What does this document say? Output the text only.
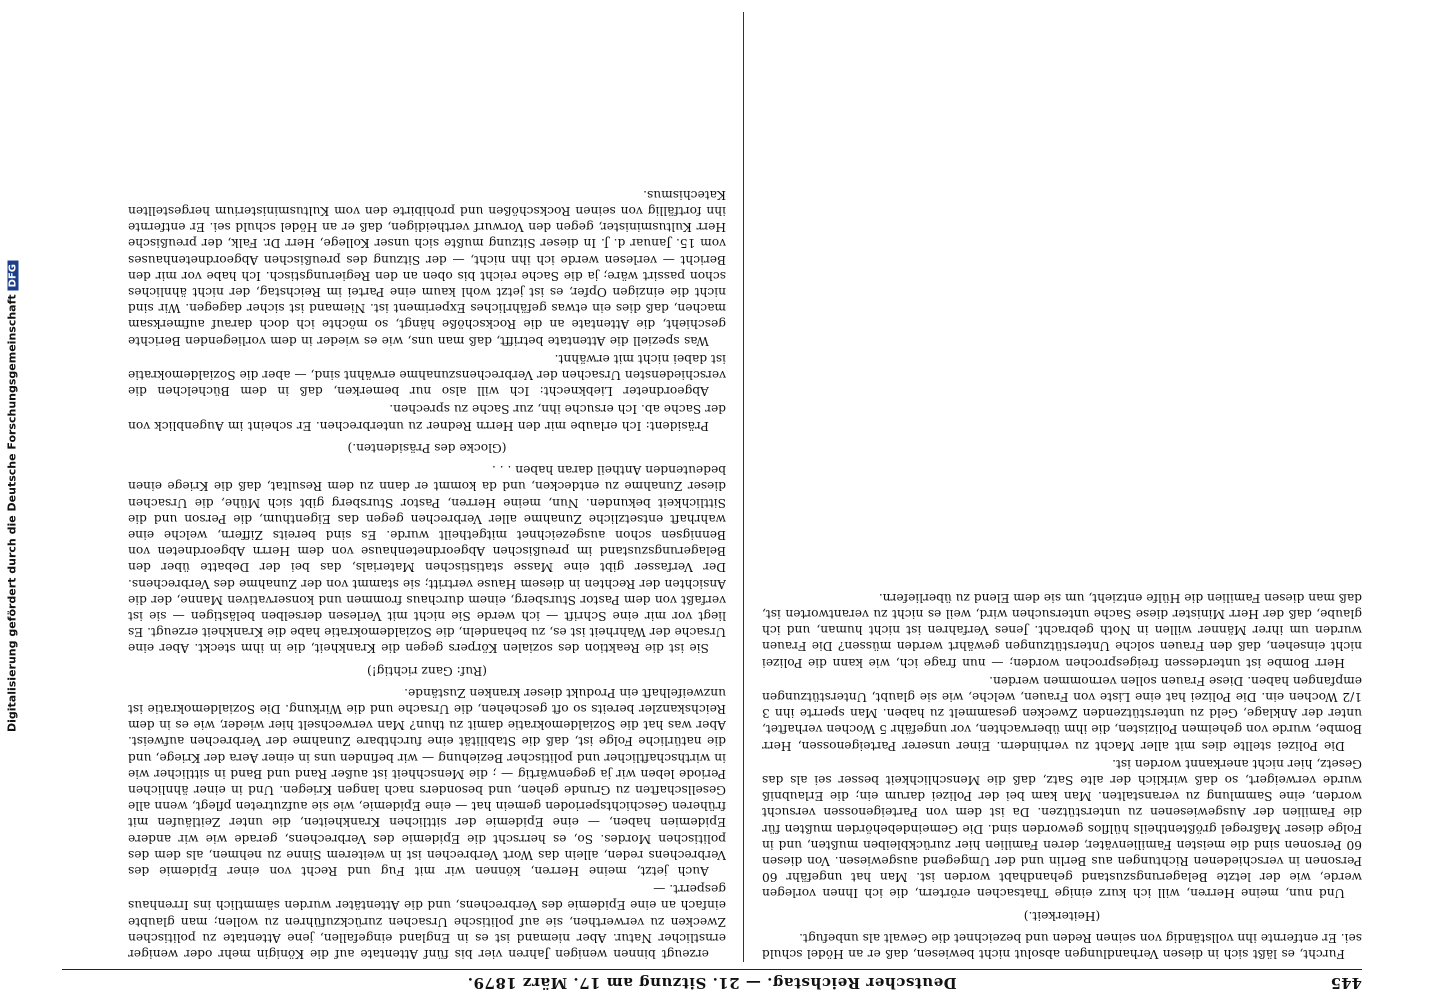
Digitalisierung gefördert durch die Deutsche ForschungsgemeinschaftDFG
445
Deutscher Reichstag. — 21. Sitzung am 17. März 1879.

Furcht, es läßt sich in diesen Verhandlungen absolut nicht bewiesen, daß er an Hödel schuld sei. Er entfernte ihn vollständig von seinen Reden und bezeichnet die Gewalt als unbefugt.

(Heiterkeit.)

Und nun, meine Herren, will ich kurz einige Thatsachen erörtern, die ich Ihnen vorlegen werde, wie der letzte Belagerungszustand gehandhabt worden ist. Man hat ungefähr 60 Personen in verschiedenen Richtungen aus Berlin und der Umgegend ausgewiesen. Von diesen 60 Personen sind die meisten Familienväter, deren Familien hier zurückbleiben mußten, und in Folge dieser Maßregel größtentheils hülflos geworden sind. Die Gemeindebehörden mußten für die Familien der Ausgewiesenen zu unterstützen. Da ist dem von Parteigenossen versucht worden, eine Sammlung zu veranstalten. Man kam bei der Polizei darum ein; die Erlaubniß wurde verweigert, so daß wirklich der alte Satz, daß die Menschlichkeit besser sei als das Gesetz, hier nicht anerkannt worden ist.

Die Polizei stellte dies mit aller Macht zu verhindern. Einer unserer Parteigenossen, Herr Bombe, wurde von geheimen Polizisten, die ihm überwachten, vor ungefähr 5 Wochen verhaftet, unter der Anklage, Geld zu unterstützenden Zwecken gesammelt zu haben. Man sperrte ihn 3 1/2 Wochen ein. Die Polizei hat eine Liste von Frauen, welche, wie sie glaubt, Unterstützungen empfangen haben. Diese Frauen sollen vernommen werden.

Herr Bombe ist unterdessen freigesprochen worden; — nun frage ich, wie kann die Polizei nicht einsehen, daß den Frauen solche Unterstützungen gewährt werden müssen? Die Frauen wurden um ihrer Männer willen in Noth gebracht. Jenes Verfahren ist nicht human, und ich glaube, daß der Herr Minister diese Sache untersuchen wird, weil es nicht zu verantworten ist, daß man diesen Familien die Hülfe entzieht, um sie dem Elend zu überliefern.

erzeugt binnen wenigen Jahren vier bis fünf Attentate auf die Königin mehr oder weniger ernstlicher Natur. Aber niemand ist es in England eingefallen, jene Attentate zu politischen Zwecken zu verwerthen, sie auf politische Ursachen zurückzuführen zu wollen; man glaubte einfach an eine Epidemie des Verbrechens, und die Attentäter wurden sämmtlich ins Irrenhaus gesperrt. —

Auch jetzt, meine Herren, können wir mit Fug und Recht von einer Epidemie des Verbrechens reden, allein das Wort Verbrechen ist in weiterem Sinne zu nehmen, als dem des politischen Mordes. So, es herrscht die Epidemie des Verbrechens, gerade wie wir andere Epidemien haben, — eine Epidemie der sittlichen Krankheiten, die unter Zeitläufen mit früheren Geschichtsperioden gemein hat — eine Epidemie, wie sie aufzutreten pflegt, wenn alle Gesellschaften zu Grunde gehen, und besonders nach langen Kriegen. Und in einer ähnlichen Periode leben wir ja gegenwärtig — ; die Menschheit ist außer Rand und Band in sittlicher wie in wirthschaftlicher und politischer Beziehung — wir befinden uns in einer Aera der Kriege, und die natürliche Folge ist, daß die Stabilität eine furchtbare Zunahme der Verbrechen aufweist. Aber was hat die Sozialdemokratie damit zu thun? Man verwechselt hier wieder, wie es in dem Reichskanzler bereits so oft geschehen, die Ursache und die Wirkung. Die Sozialdemokratie ist unzweifelhaft ein Produkt dieser kranken Zustände.

(Ruf: Ganz richtig!)

Sie ist die Reaktion des sozialen Körpers gegen die Krankheit, die in ihm steckt. Aber eine Ursache der Wahrheit ist es, zu behandeln, die Sozialdemokratie habe die Krankheit erzeugt. Es liegt vor mir eine Schrift — ich werde Sie nicht mit Verlesen derselben belästigen — sie ist verfaßt von dem Pastor Stursberg, einem durchaus frommen und konservativen Manne, der die Ansichten der Rechten in diesem Hause vertritt; sie stammt von der Zunahme des Verbrechens. Der Verfasser gibt eine Masse statistischen Materials, das bei der Debatte über den Belagerungszustand im preußischen Abgeordnetenhause von dem Herrn Abgeordneten von Bennigsen schon ausgezeichnet mitgetheilt wurde. Es sind bereits Ziffern, welche eine wahrhaft entsetzliche Zunahme aller Verbrechen gegen das Eigenthum, die Person und die Sittlichkeit bekunden. Nun, meine Herren, Pastor Stursberg gibt sich Mühe, die Ursachen dieser Zunahme zu entdecken, und da kommt er dann zu dem Resultat, daß die Kriege einen bedeutenden Antheil daran haben . . .

(Glocke des Präsidenten.)

Präsident: Ich erlaube mir den Herrn Redner zu unterbrechen. Er scheint im Augenblick von der Sache ab. Ich ersuche ihn, zur Sache zu sprechen.

Abgeordneter Liebknecht: Ich will also nur bemerken, daß in dem Büchelchen die verschiedensten Ursachen der Verbrechenszunahme erwähnt sind, — aber die Sozialdemokratie ist dabei nicht mit erwähnt.

Was speziell die Attentate betrifft, daß man uns, wie es wieder in dem vorliegenden Berichte geschieht, die Attentate an die Rockschöße hängt, so möchte ich doch darauf aufmerksam machen, daß dies ein etwas gefährliches Experiment ist. Niemand ist sicher dagegen. Wir sind nicht die einzigen Opfer, es ist jetzt wohl kaum eine Partei im Reichstag, der nicht ähnliches schon passirt wäre; ja die Sache reicht bis oben an den Regierungstisch. Ich habe vor mir den Bericht — verlesen werde ich ihn nicht, — der Sitzung des preußischen Abgeordnetenhauses vom 15. Januar d. J. In dieser Sitzung mußte sich unser Kollege, Herr Dr. Falk, der preußische Herr Kultusminister, gegen den Vorwurf vertheidigen, daß er an Hödel schuld sei. Er entfernte ihn fortfällig von seinen Rockschößen und prohibirte den vom Kultusministerium hergestellten Katechismus.
